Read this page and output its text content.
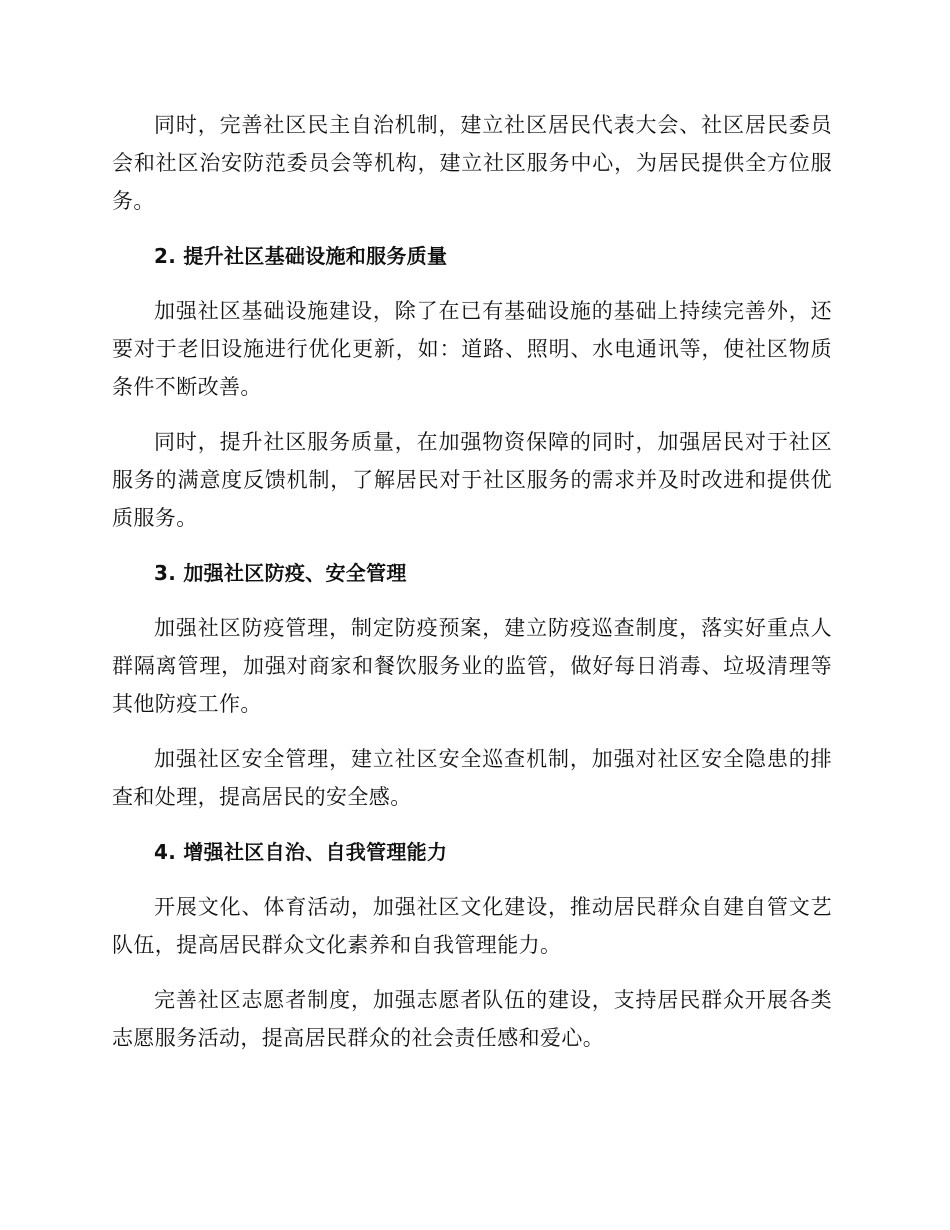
同时，完善社区民主自治机制，建立社区居民代表大会、社区居民委员会和社区治安防范委员会等机构，建立社区服务中心，为居民提供全方位服务。

2. 提升社区基础设施和服务质量

加强社区基础设施建设，除了在已有基础设施的基础上持续完善外，还要对于老旧设施进行优化更新，如：道路、照明、水电通讯等，使社区物质条件不断改善。

同时，提升社区服务质量，在加强物资保障的同时，加强居民对于社区服务的满意度反馈机制，了解居民对于社区服务的需求并及时改进和提供优质服务。

3. 加强社区防疫、安全管理

加强社区防疫管理，制定防疫预案，建立防疫巡查制度，落实好重点人群隔离管理，加强对商家和餐饮服务业的监管，做好每日消毒、垃圾清理等其他防疫工作。

加强社区安全管理，建立社区安全巡查机制，加强对社区安全隐患的排查和处理，提高居民的安全感。

4. 增强社区自治、自我管理能力

开展文化、体育活动，加强社区文化建设，推动居民群众自建自管文艺队伍，提高居民群众文化素养和自我管理能力。

完善社区志愿者制度，加强志愿者队伍的建设，支持居民群众开展各类志愿服务活动，提高居民群众的社会责任感和爱心。
